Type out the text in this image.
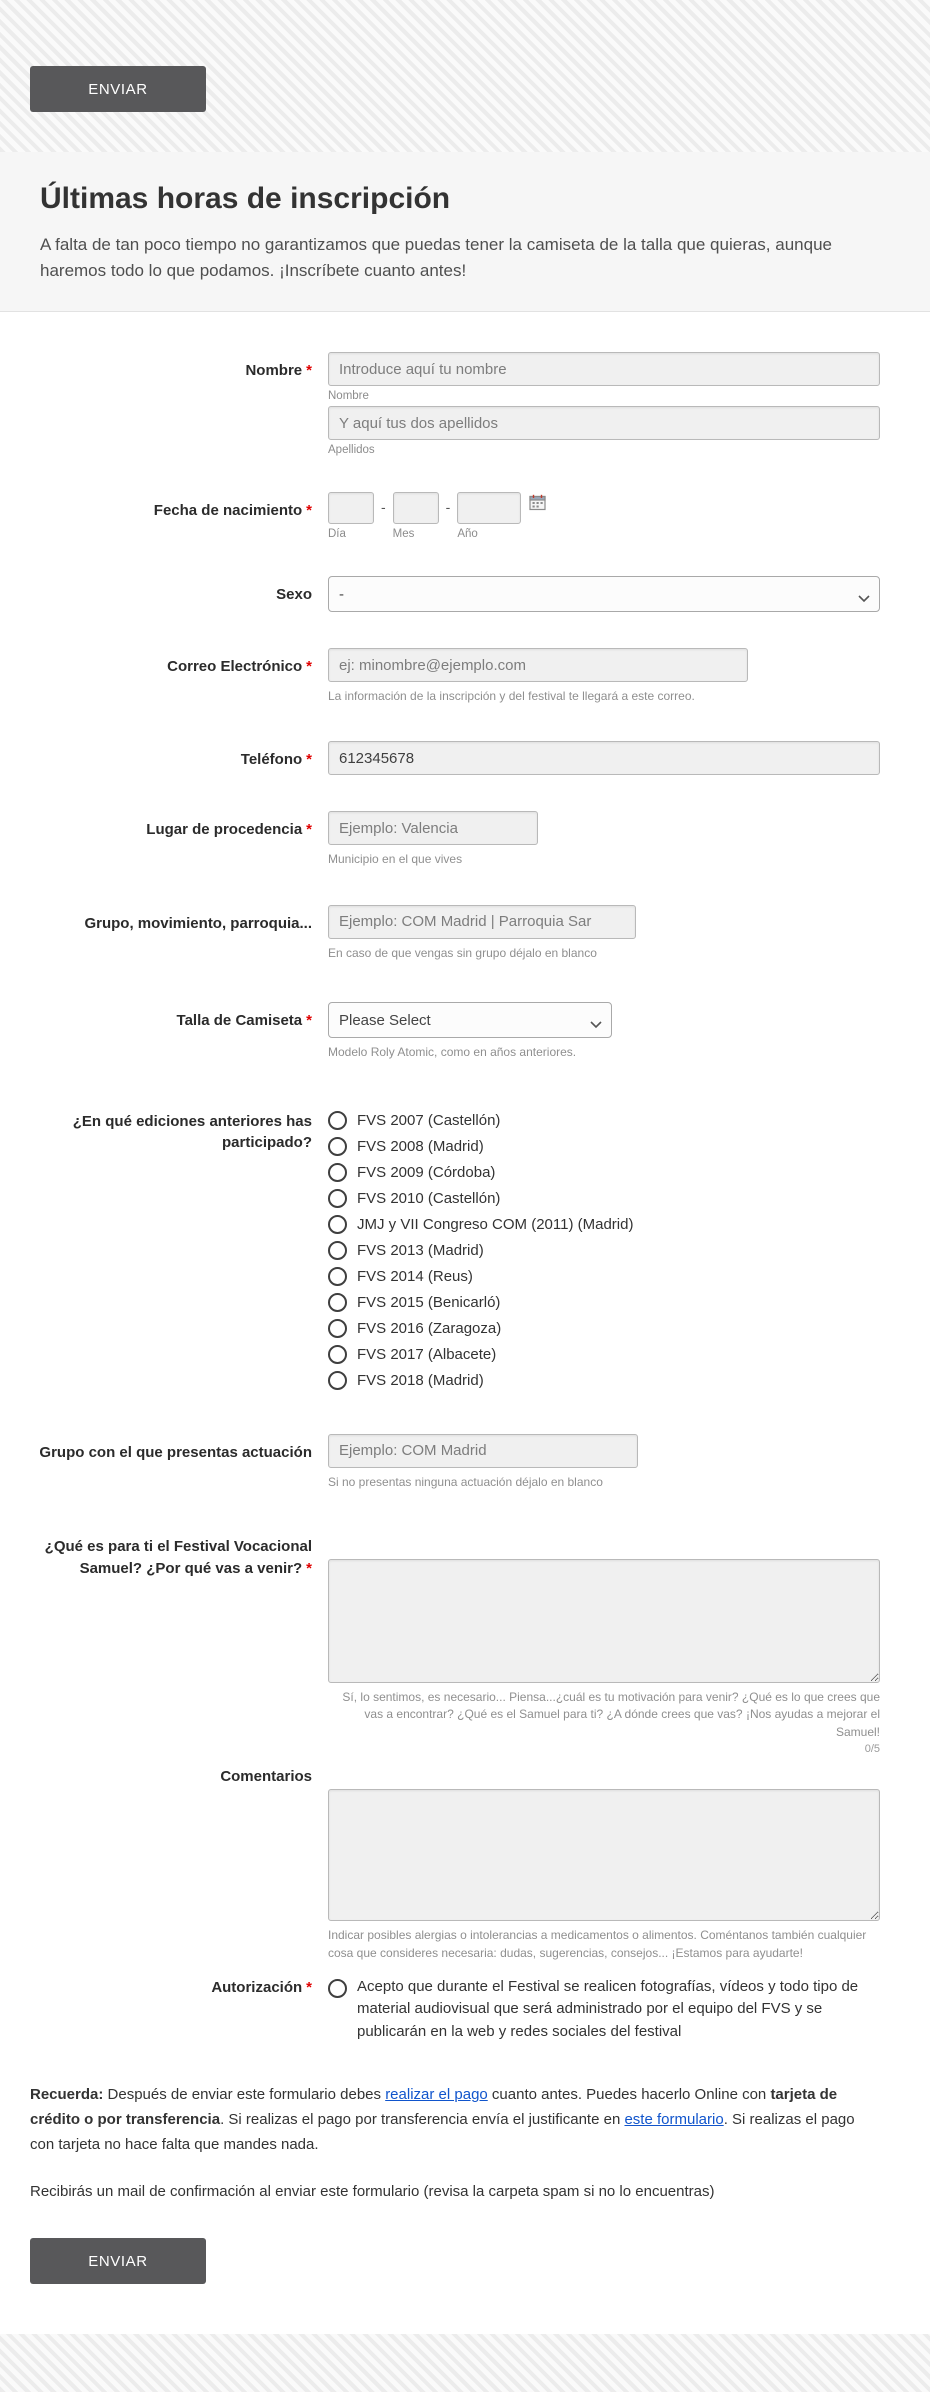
ENVIAR
Últimas horas de inscripción

A falta de tan poco tiempo no garantizamos que puedas tener la camiseta de la talla que quieras, aunque haremos todo lo que podamos. ¡Inscríbete cuanto antes!

Nombre *
Introduce aquí tu nombre
Nombre
Y aquí tus dos apellidos
Apellidos
Fecha de nacimiento *
Día
-
Mes
-
Año
Sexo
-
Correo Electrónico *
ej: minombre@ejemplo.com
La información de la inscripción y del festival te llegará a este correo.
Teléfono *
612345678
Lugar de procedencia *
Ejemplo: Valencia
Municipio en el que vives
Grupo, movimiento, parroquia...
Ejemplo: COM Madrid | Parroquia Sar
En caso de que vengas sin grupo déjalo en blanco
Talla de Camiseta *
Please Select
Modelo Roly Atomic, como en años anteriores.
¿En qué ediciones anteriores has participado?
FVS 2007 (Castellón)
FVS 2008 (Madrid)
FVS 2009 (Córdoba)
FVS 2010 (Castellón)
JMJ y VII Congreso COM (2011) (Madrid)
FVS 2013 (Madrid)
FVS 2014 (Reus)
FVS 2015 (Benicarló)
FVS 2016 (Zaragoza)
FVS 2017 (Albacete)
FVS 2018 (Madrid)
Grupo con el que presentas actuación
Ejemplo: COM Madrid
Si no presentas ninguna actuación déjalo en blanco
¿Qué es para ti el Festival Vocacional Samuel? ¿Por qué vas a venir? *
Sí, lo sentimos, es necesario... Piensa...¿cuál es tu motivación para venir? ¿Qué es lo que crees que vas a encontrar? ¿Qué es el Samuel para ti? ¿A dónde crees que vas? ¡Nos ayudas a mejorar el Samuel!
0/5
Comentarios
Indicar posibles alergias o intolerancias a medicamentos o alimentos. Coméntanos también cualquier cosa que consideres necesaria: dudas, sugerencias, consejos... ¡Estamos para ayudarte!
Autorización *	Acepto que durante el Festival se realicen fotografías, vídeos y todo tipo de material audiovisual que será administrado por el equipo del FVS y se publicarán en la web y redes sociales del festival

Recuerda: Después de enviar este formulario debes realizar el pago cuanto antes. Puedes hacerlo Online con tarjeta de crédito o por transferencia. Si realizas el pago por transferencia envía el justificante en este formulario. Si realizas el pago con tarjeta no hace falta que mandes nada.

Recibirás un mail de confirmación al enviar este formulario (revisa la carpeta spam si no lo encuentras)

ENVIAR
